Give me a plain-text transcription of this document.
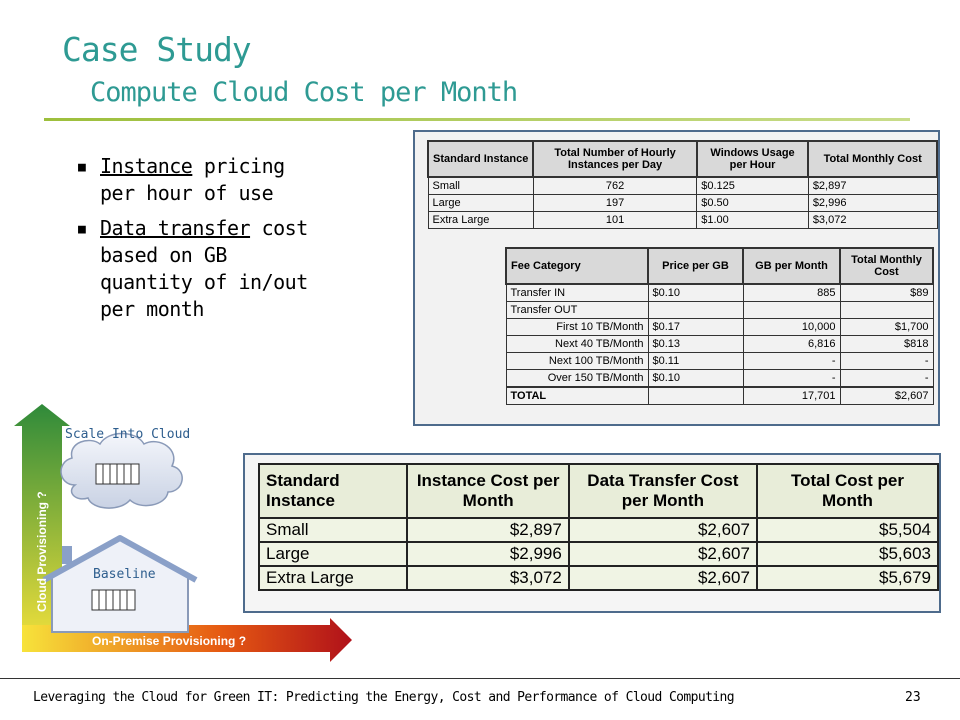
Case Study
Compute Cloud Cost per Month
■ Instance pricing per hour of use
■ Data transfer cost based on GB quantity of in/out per month
Standard Instance	Total Number of Hourly Instances per Day	Windows Usage per Hour	Total Monthly Cost
Small	762	$0.125	$2,897
Large	197	$0.50	$2,996
Extra Large	101	$1.00	$3,072
Fee Category	Price per GB	GB per Month	Total Monthly Cost
Transfer IN	$0.10	885	$89
Transfer OUT			
First 10 TB/Month	$0.17	10,000	$1,700
Next 40 TB/Month	$0.13	6,816	$818
Next 100 TB/Month	$0.11	-	-
Over 150 TB/Month	$0.10	-	-
TOTAL		17,701	$2,607
Standard Instance	Instance Cost per Month	Data Transfer Cost per Month	Total Cost per Month
Small	$2,897	$2,607	$5,504
Large	$2,996	$2,607	$5,603
Extra Large	$3,072	$2,607	$5,679
Scale Into Cloud
Baseline
Cloud Provisioning ?
On-Premise Provisioning ?
Leveraging the Cloud for Green IT: Predicting the Energy, Cost and Performance of Cloud Computing	23
